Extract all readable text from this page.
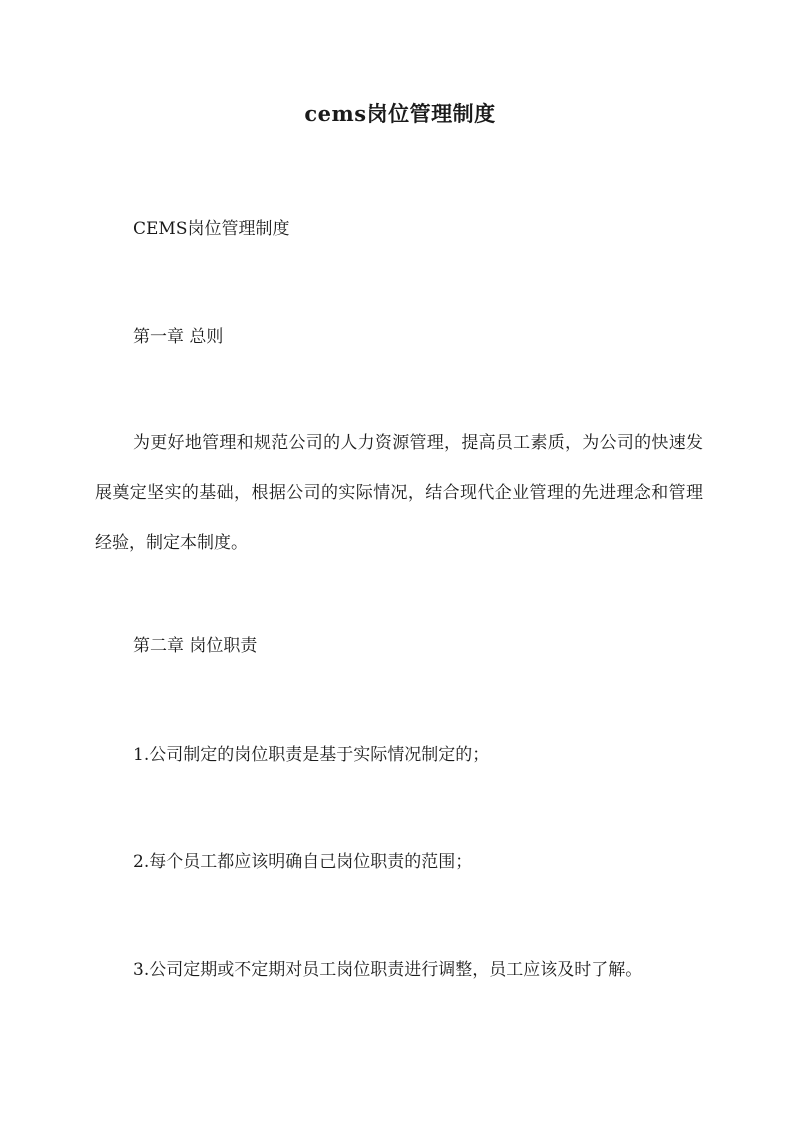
cems岗位管理制度

CEMS岗位管理制度

第一章 总则

为更好地管理和规范公司的人力资源管理，提高员工素质，为公司的快速发展奠定坚实的基础，根据公司的实际情况，结合现代企业管理的先进理念和管理经验，制定本制度。

第二章 岗位职责

1.公司制定的岗位职责是基于实际情况制定的；

2.每个员工都应该明确自己岗位职责的范围；

3.公司定期或不定期对员工岗位职责进行调整，员工应该及时了解。
